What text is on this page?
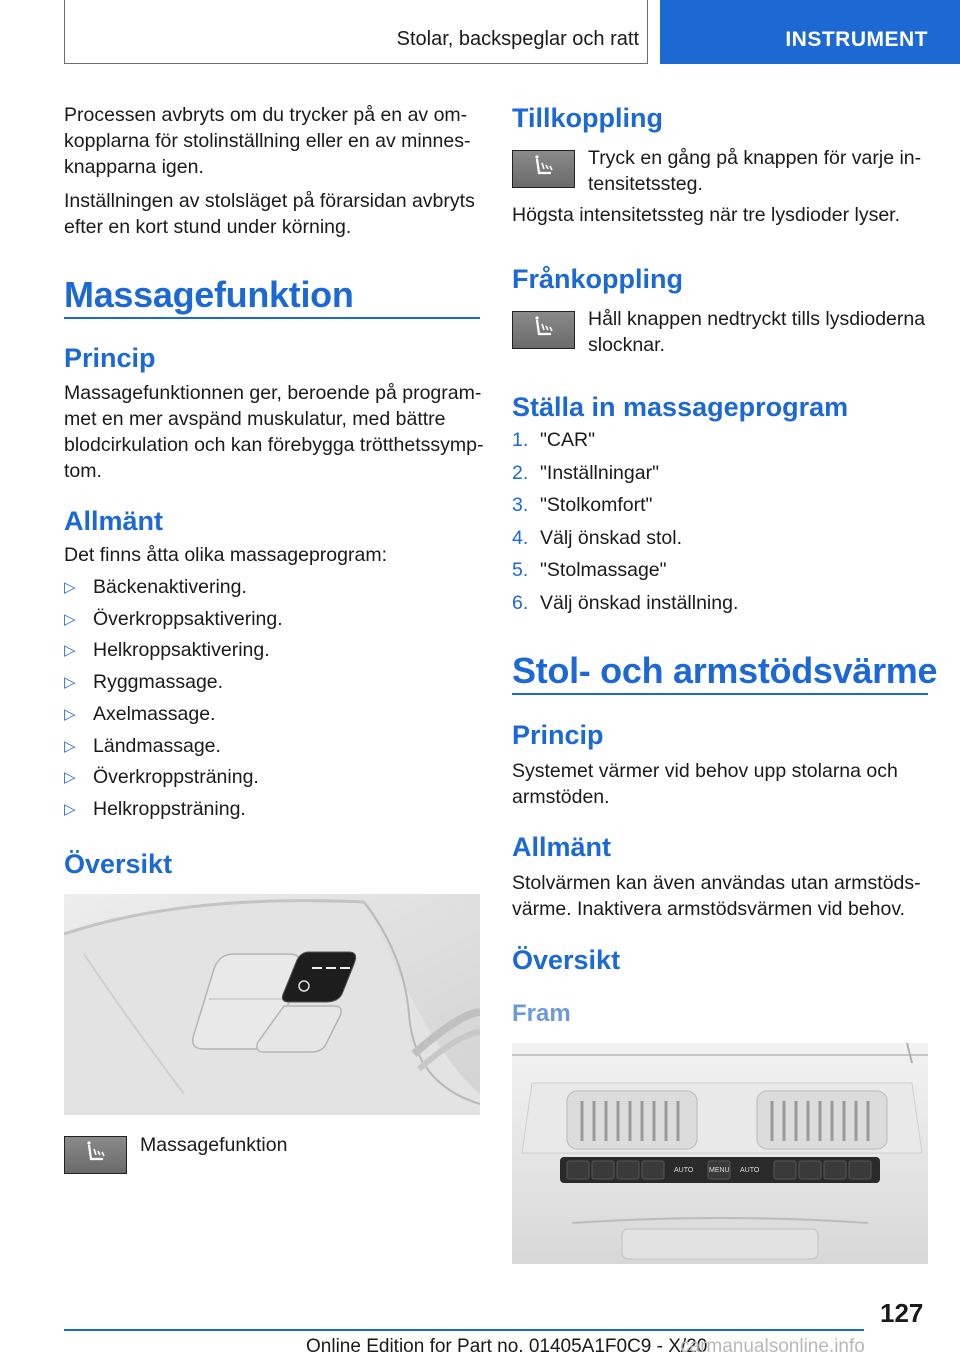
Stolar, backspeglar och ratt	INSTRUMENT
Processen avbryts om du trycker på en av om-kopplarna för stolinställning eller en av minnes-knapparna igen.
Inställningen av stolsläget på förarsidan avbryts efter en kort stund under körning.
Massagefunktion
Princip
Massagefunktionnen ger, beroende på program-met en mer avspänd muskulatur, med bättre blodcirkulation och kan förebygga trötthetssymp-tom.
Allmänt
Det finns åtta olika massageprogram:
▷ Bäckenaktivering.
▷ Överkroppsaktivering.
▷ Helkroppsaktivering.
▷ Ryggmassage.
▷ Axelmassage.
▷ Ländmassage.
▷ Överkroppsträning.
▷ Helkroppsträning.
Översikt
Massagefunktion
Tillkoppling
Tryck en gång på knappen för varje in-tensitetssteg.
Högsta intensitetssteg när tre lysdioder lyser.
Frånkoppling
Håll knappen nedtryckt tills lysdioderna slocknar.
Ställa in massageprogram
1. "CAR"
2. "Inställningar"
3. "Stolkomfort"
4. Välj önskad stol.
5. "Stolmassage"
6. Välj önskad inställning.
Stol- och armstödsvärme
Princip
Systemet värmer vid behov upp stolarna och armstöden.
Allmänt
Stolvärmen kan även användas utan armstöds-värme. Inaktivera armstödsvärmen vid behov.
Översikt
Fram
AUTO MENU AUTO
127
Online Edition for Part no. 01405A1F0C9 - X/20
carmanualsonline.info
